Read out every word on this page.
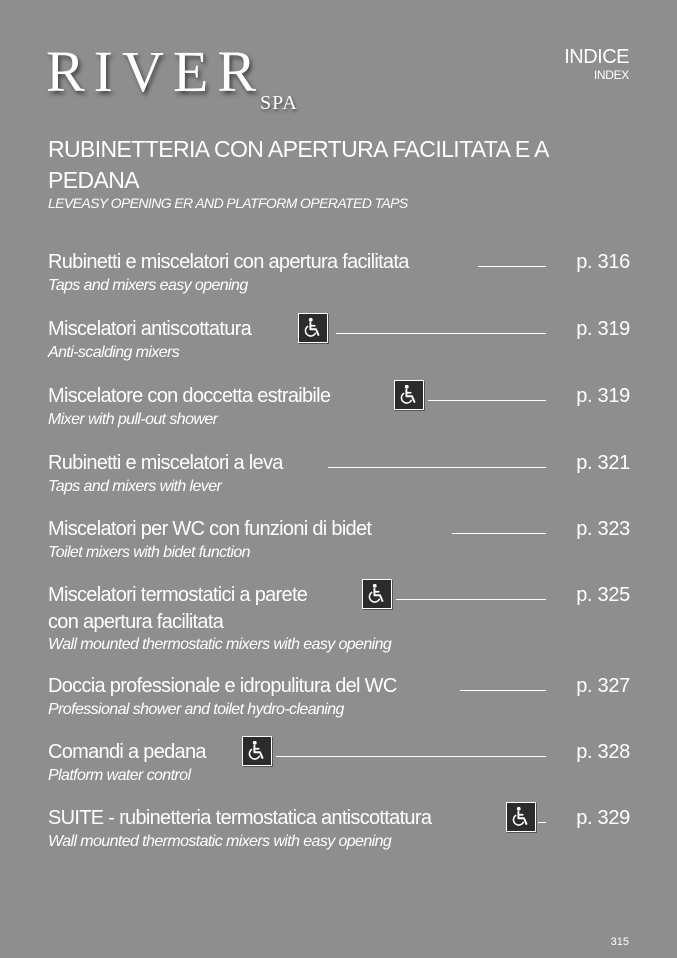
RIVER
SPA
INDICE
INDEX
RUBINETTERIA CON APERTURA FACILITATA E A PEDANA
LEVEASY OPENING ER AND PLATFORM OPERATED TAPS
Rubinetti e miscelatori con apertura facilitata	p. 316
Taps and mixers easy opening
Miscelatori antiscottatura	p. 319
Anti-scalding mixers
Miscelatore con doccetta estraibile	p. 319
Mixer with pull-out shower
Rubinetti e miscelatori a leva	p. 321
Taps and mixers with lever
Miscelatori per WC con funzioni di bidet	p. 323
Toilet mixers with bidet function
Miscelatori termostatici a parete	p. 325
con apertura facilitata
Wall mounted thermostatic mixers with easy opening
Doccia professionale e idropulitura del WC	p. 327
Professional shower and toilet hydro-cleaning
Comandi a pedana	p. 328
Platform water control
SUITE - rubinetteria termostatica antiscottatura	p. 329
Wall mounted thermostatic mixers with easy opening
315
